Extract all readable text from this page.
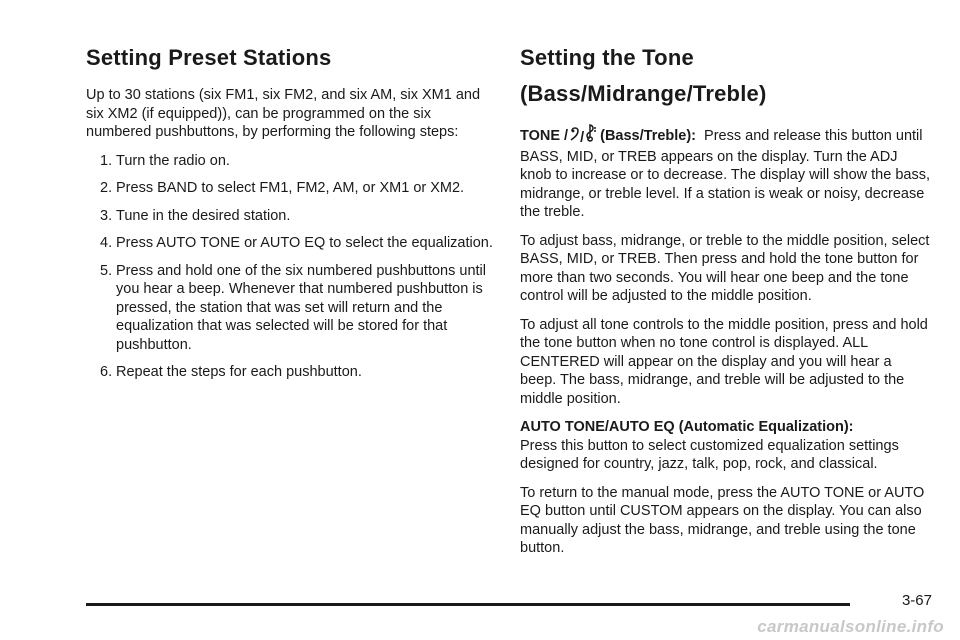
Setting Preset Stations

Up to 30 stations (six FM1, six FM2, and six AM, six XM1 and six XM2 (if equipped)), can be programmed on the six numbered pushbuttons, by performing the following steps:

1. Turn the radio on.
2. Press BAND to select FM1, FM2, AM, or XM1 or XM2.
3. Tune in the desired station.
4. Press AUTO TONE or AUTO EQ to select the equalization.
5. Press and hold one of the six numbered pushbuttons until you hear a beep. Whenever that numbered pushbutton is pressed, the station that was set will return and the equalization that was selected will be stored for that pushbutton.
6. Repeat the steps for each pushbutton.
Setting the Tone
(Bass/Midrange/Treble)

TONE / / (Bass/Treble): Press and release this button until BASS, MID, or TREB appears on the display. Turn the ADJ knob to increase or to decrease. The display will show the bass, midrange, or treble level. If a station is weak or noisy, decrease the treble.

To adjust bass, midrange, or treble to the middle position, select BASS, MID, or TREB. Then press and hold the tone button for more than two seconds. You will hear one beep and the tone control will be adjusted to the middle position.

To adjust all tone controls to the middle position, press and hold the tone button when no tone control is displayed. ALL CENTERED will appear on the display and you will hear a beep. The bass, midrange, and treble will be adjusted to the middle position.

AUTO TONE/AUTO EQ (Automatic Equalization):
Press this button to select customized equalization settings designed for country, jazz, talk, pop, rock, and classical.

To return to the manual mode, press the AUTO TONE or AUTO EQ button until CUSTOM appears on the display. You can also manually adjust the bass, midrange, and treble using the tone button.

3-67
carmanualsonline.info
